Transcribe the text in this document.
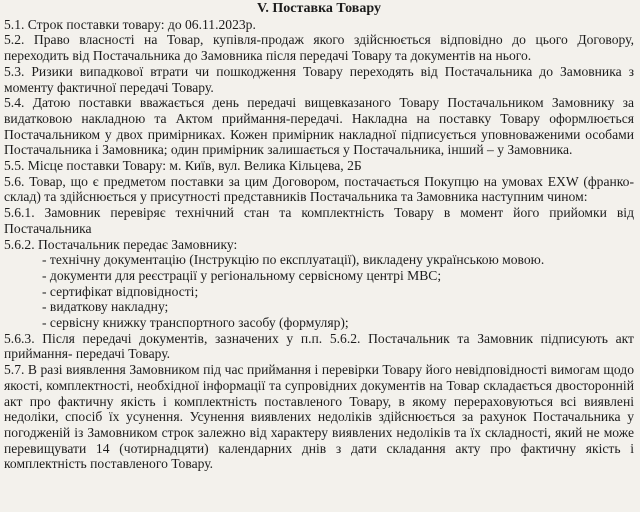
V. Поставка Товару

5.1. Строк поставки товару: до 06.11.2023р.

5.2. Право власності на Товар, купівля-продаж якого здійснюється відповідно до цього Договору, переходить від Постачальника до Замовника після передачі Товару та документів на нього.

5.3. Ризики випадкової втрати чи пошкодження Товару переходять від Постачальника до Замовника з моменту фактичної передачі Товару.

5.4. Датою поставки вважається день передачі вищевказаного Товару Постачальником Замовнику за видатковою накладною та Актом приймання-передачі. Накладна на поставку Товару оформлюється Постачальником у двох примірниках. Кожен примірник накладної підписується уповноваженими особами Постачальника і Замовника; один примірник залишається у Постачальника, інший – у Замовника.

5.5. Місце поставки Товару: м. Київ, вул. Велика Кільцева, 2Б

5.6. Товар, що є предметом поставки за цим Договором, постачається Покупцю на умовах EXW (франко-склад) та здійснюється у присутності представників Постачальника та Замовника наступним чином:

5.6.1. Замовник перевіряє технічний стан та комплектність Товару в момент його прийомки від Постачальника

5.6.2. Постачальник передає Замовнику:

- технічну документацію (Інструкцію по експлуатації), викладену українською мовою.

- документи для реєстрації у регіональному сервісному центрі МВС;

- сертифікат відповідності;

- видаткову накладну;

- сервісну книжку транспортного засобу (формуляр);

5.6.3. Після передачі документів, зазначених у п.п. 5.6.2. Постачальник та Замовник підписують акт приймання- передачі Товару.

5.7. В разі виявлення Замовником під час приймання і перевірки Товару його невідповідності вимогам щодо якості, комплектності, необхідної інформації та супровідних документів на Товар складається двосторонній акт про фактичну якість і комплектність поставленого Товару, в якому перераховуються всі виявлені недоліки, спосіб їх усунення. Усунення виявлених недоліків здійснюється за рахунок Постачальника у погодженій із Замовником строк залежно від характеру виявлених недоліків та їх складності, який не може перевищувати 14 (чотирнадцяти) календарних днів з дати складання акту про фактичну якість і комплектність поставленого Товару.
